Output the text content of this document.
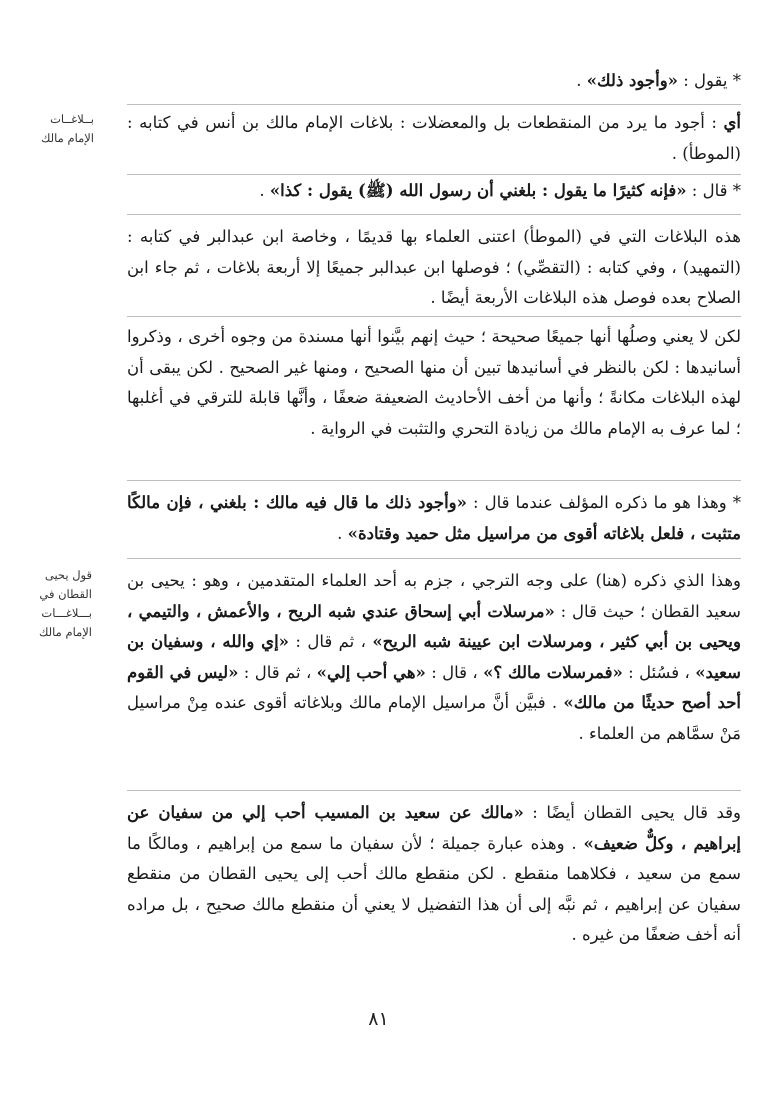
بــلاغــات الإمام مالك
قول يحيى القطان في بـــلاغـــات الإمام مالك

* يقول : «وأجود ذلك» .

أي : أجود ما يرد من المنقطعات بل والمعضلات : بلاغات الإمام مالك بن أنس في كتابه : (الموطأ) .

* قال : «فإنه كثيرًا ما يقول : بلغني أن رسول الله (ﷺ) يقول : كذا» .

هذه البلاغات التي في (الموطأ) اعتنى العلماء بها قديمًا ، وخاصة ابن عبدالبر في كتابه : (التمهيد) ، وفي كتابه : (التقصِّي) ؛ فوصلها ابن عبدالبر جميعًا إلا أربعة بلاغات ، ثم جاء ابن الصلاح بعده فوصل هذه البلاغات الأربعة أيضًا .

لكن لا يعني وصلُها أنها جميعًا صحيحة ؛ حيث إنهم بيَّنوا أنها مسندة من وجوه أخرى ، وذكروا أسانيدها : لكن بالنظر في أسانيدها تبين أن منها الصحيح ، ومنها غير الصحيح . لكن يبقى أن لهذه البلاغات مكانةً ؛ وأنها من أخف الأحاديث الضعيفة ضعفًا ، وأنَّها قابلة للترقي في أغلبها ؛ لما عرف به الإمام مالك من زيادة التحري والتثبت في الرواية .

* وهذا هو ما ذكره المؤلف عندما قال : «وأجود ذلك ما قال فيه مالك : بلغني ، فإن مالكًا متثبت ، فلعل بلاغاته أقوى من مراسيل مثل حميد وقتادة» .

وهذا الذي ذكره (هنا) على وجه الترجي ، جزم به أحد العلماء المتقدمين ، وهو : يحيى بن سعيد القطان ؛ حيث قال : «مرسلات أبي إسحاق عندي شبه الريح ، والأعمش ، والتيمي ، ويحيى بن أبي كثير ، ومرسلات ابن عيينة شبه الريح» ، ثم قال : «إي والله ، وسفيان بن سعيد» ، فسُئل : «فمرسلات مالك ؟» ، قال : «هي أحب إلي» ، ثم قال : «ليس في القوم أحد أصح حديثًا من مالك» . فبيَّن أنَّ مراسيل الإمام مالك وبلاغاته أقوى عنده مِنْ مراسيل مَنْ سمَّاهم من العلماء .

وقد قال يحيى القطان أيضًا : «مالك عن سعيد بن المسيب أحب إلي من سفيان عن إبراهيم ، وكلٌّ ضعيف» . وهذه عبارة جميلة ؛ لأن سفيان ما سمع من إبراهيم ، ومالكًا ما سمع من سعيد ، فكلاهما منقطع . لكن منقطع مالك أحب إلى يحيى القطان من منقطع سفيان عن إبراهيم ، ثم نبَّه إلى أن هذا التفضيل لا يعني أن منقطع مالك صحيح ، بل مراده أنه أخف ضعفًا من غيره .

٨١
